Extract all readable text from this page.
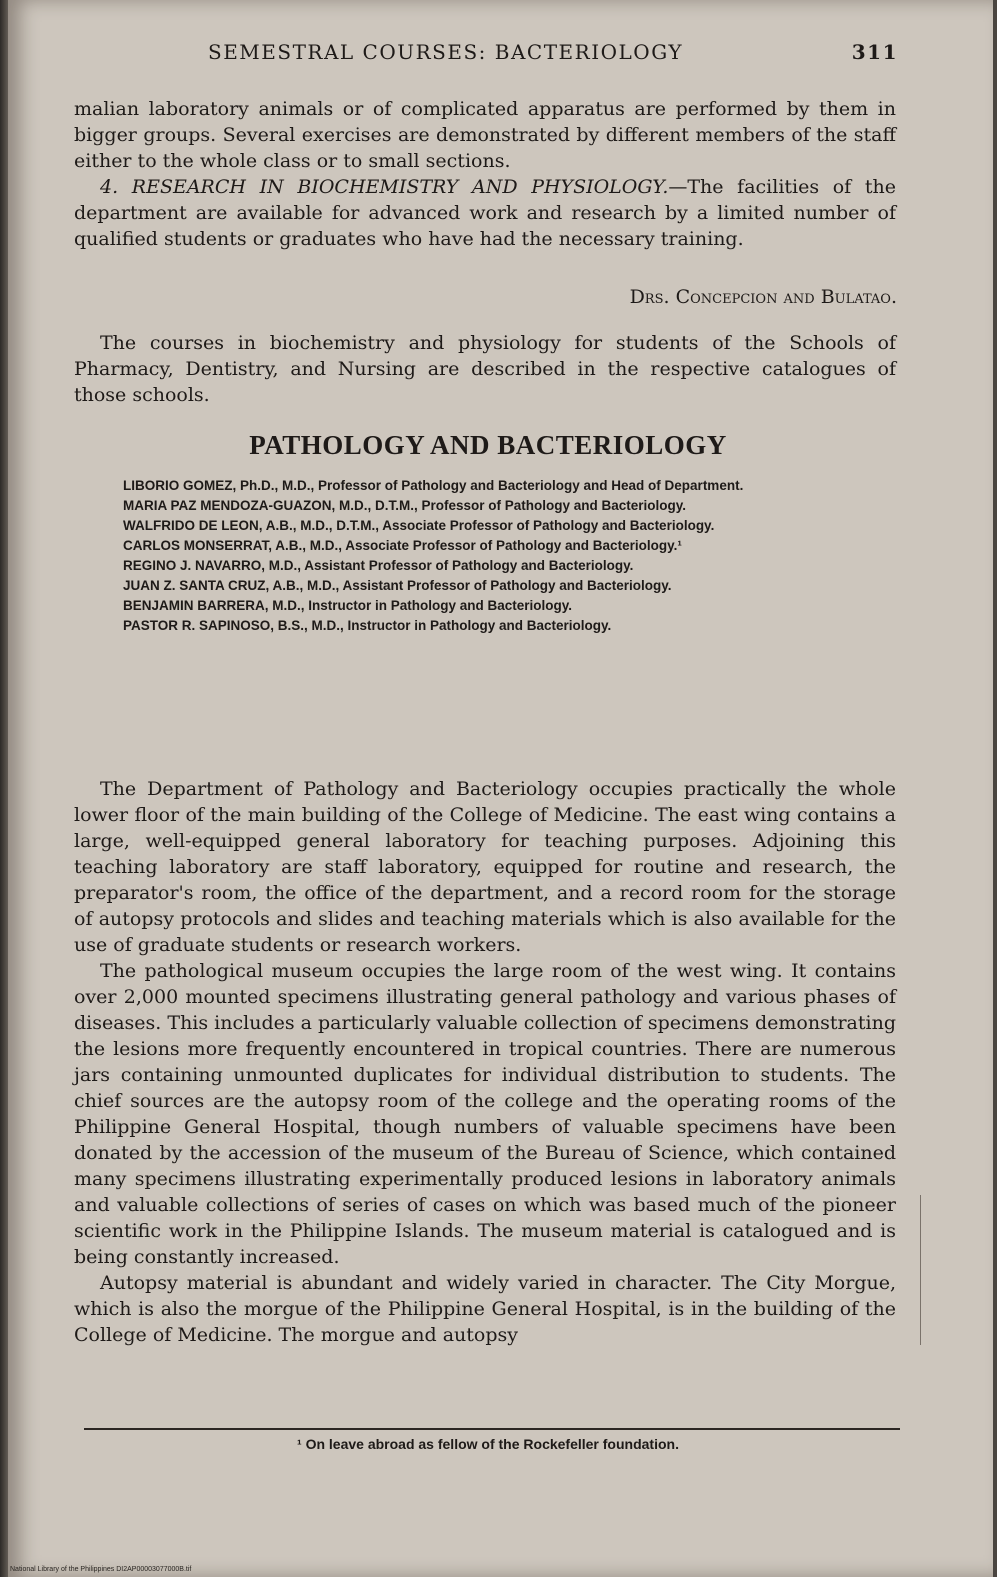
SEMESTRAL COURSES: BACTERIOLOGY	311

malian laboratory animals or of complicated apparatus are performed by them in bigger groups. Several exercises are demonstrated by different members of the staff either to the whole class or to small sections.

4. RESEARCH IN BIOCHEMISTRY AND PHYSIOLOGY.—The facilities of the department are available for advanced work and research by a limited number of qualified students or graduates who have had the necessary training.

Drs. Concepcion and Bulatao.

The courses in biochemistry and physiology for students of the Schools of Pharmacy, Dentistry, and Nursing are described in the respective catalogues of those schools.

PATHOLOGY AND BACTERIOLOGY
LIBORIO GOMEZ, Ph.D., M.D., Professor of Pathology and Bacteriology and Head of Department.
MARIA PAZ MENDOZA-GUAZON, M.D., D.T.M., Professor of Pathology and Bacteriology.
WALFRIDO DE LEON, A.B., M.D., D.T.M., Associate Professor of Pathology and Bacteriology.
CARLOS MONSERRAT, A.B., M.D., Associate Professor of Pathology and Bacteriology.¹
REGINO J. NAVARRO, M.D., Assistant Professor of Pathology and Bacteriology.
JUAN Z. SANTA CRUZ, A.B., M.D., Assistant Professor of Pathology and Bacteriology.
BENJAMIN BARRERA, M.D., Instructor in Pathology and Bacteriology.
PASTOR R. SAPINOSO, B.S., M.D., Instructor in Pathology and Bacteriology.

The Department of Pathology and Bacteriology occupies practically the whole lower floor of the main building of the College of Medicine. The east wing contains a large, well-equipped general laboratory for teaching purposes. Adjoining this teaching laboratory are staff laboratory, equipped for routine and research, the preparator's room, the office of the department, and a record room for the storage of autopsy protocols and slides and teaching materials which is also available for the use of graduate students or research workers.

The pathological museum occupies the large room of the west wing. It contains over 2,000 mounted specimens illustrating general pathology and various phases of diseases. This includes a particularly valuable collection of specimens demonstrating the lesions more frequently encountered in tropical countries. There are numerous jars containing unmounted duplicates for individual distribution to students. The chief sources are the autopsy room of the college and the operating rooms of the Philippine General Hospital, though numbers of valuable specimens have been donated by the accession of the museum of the Bureau of Science, which contained many specimens illustrating experimentally produced lesions in laboratory animals and valuable collections of series of cases on which was based much of the pioneer scientific work in the Philippine Islands. The museum material is catalogued and is being constantly increased.

Autopsy material is abundant and widely varied in character. The City Morgue, which is also the morgue of the Philippine General Hospital, is in the building of the College of Medicine. The morgue and autopsy

¹ On leave abroad as fellow of the Rockefeller foundation.
National Library of the Philippines DI2AP00003077000B.tif
